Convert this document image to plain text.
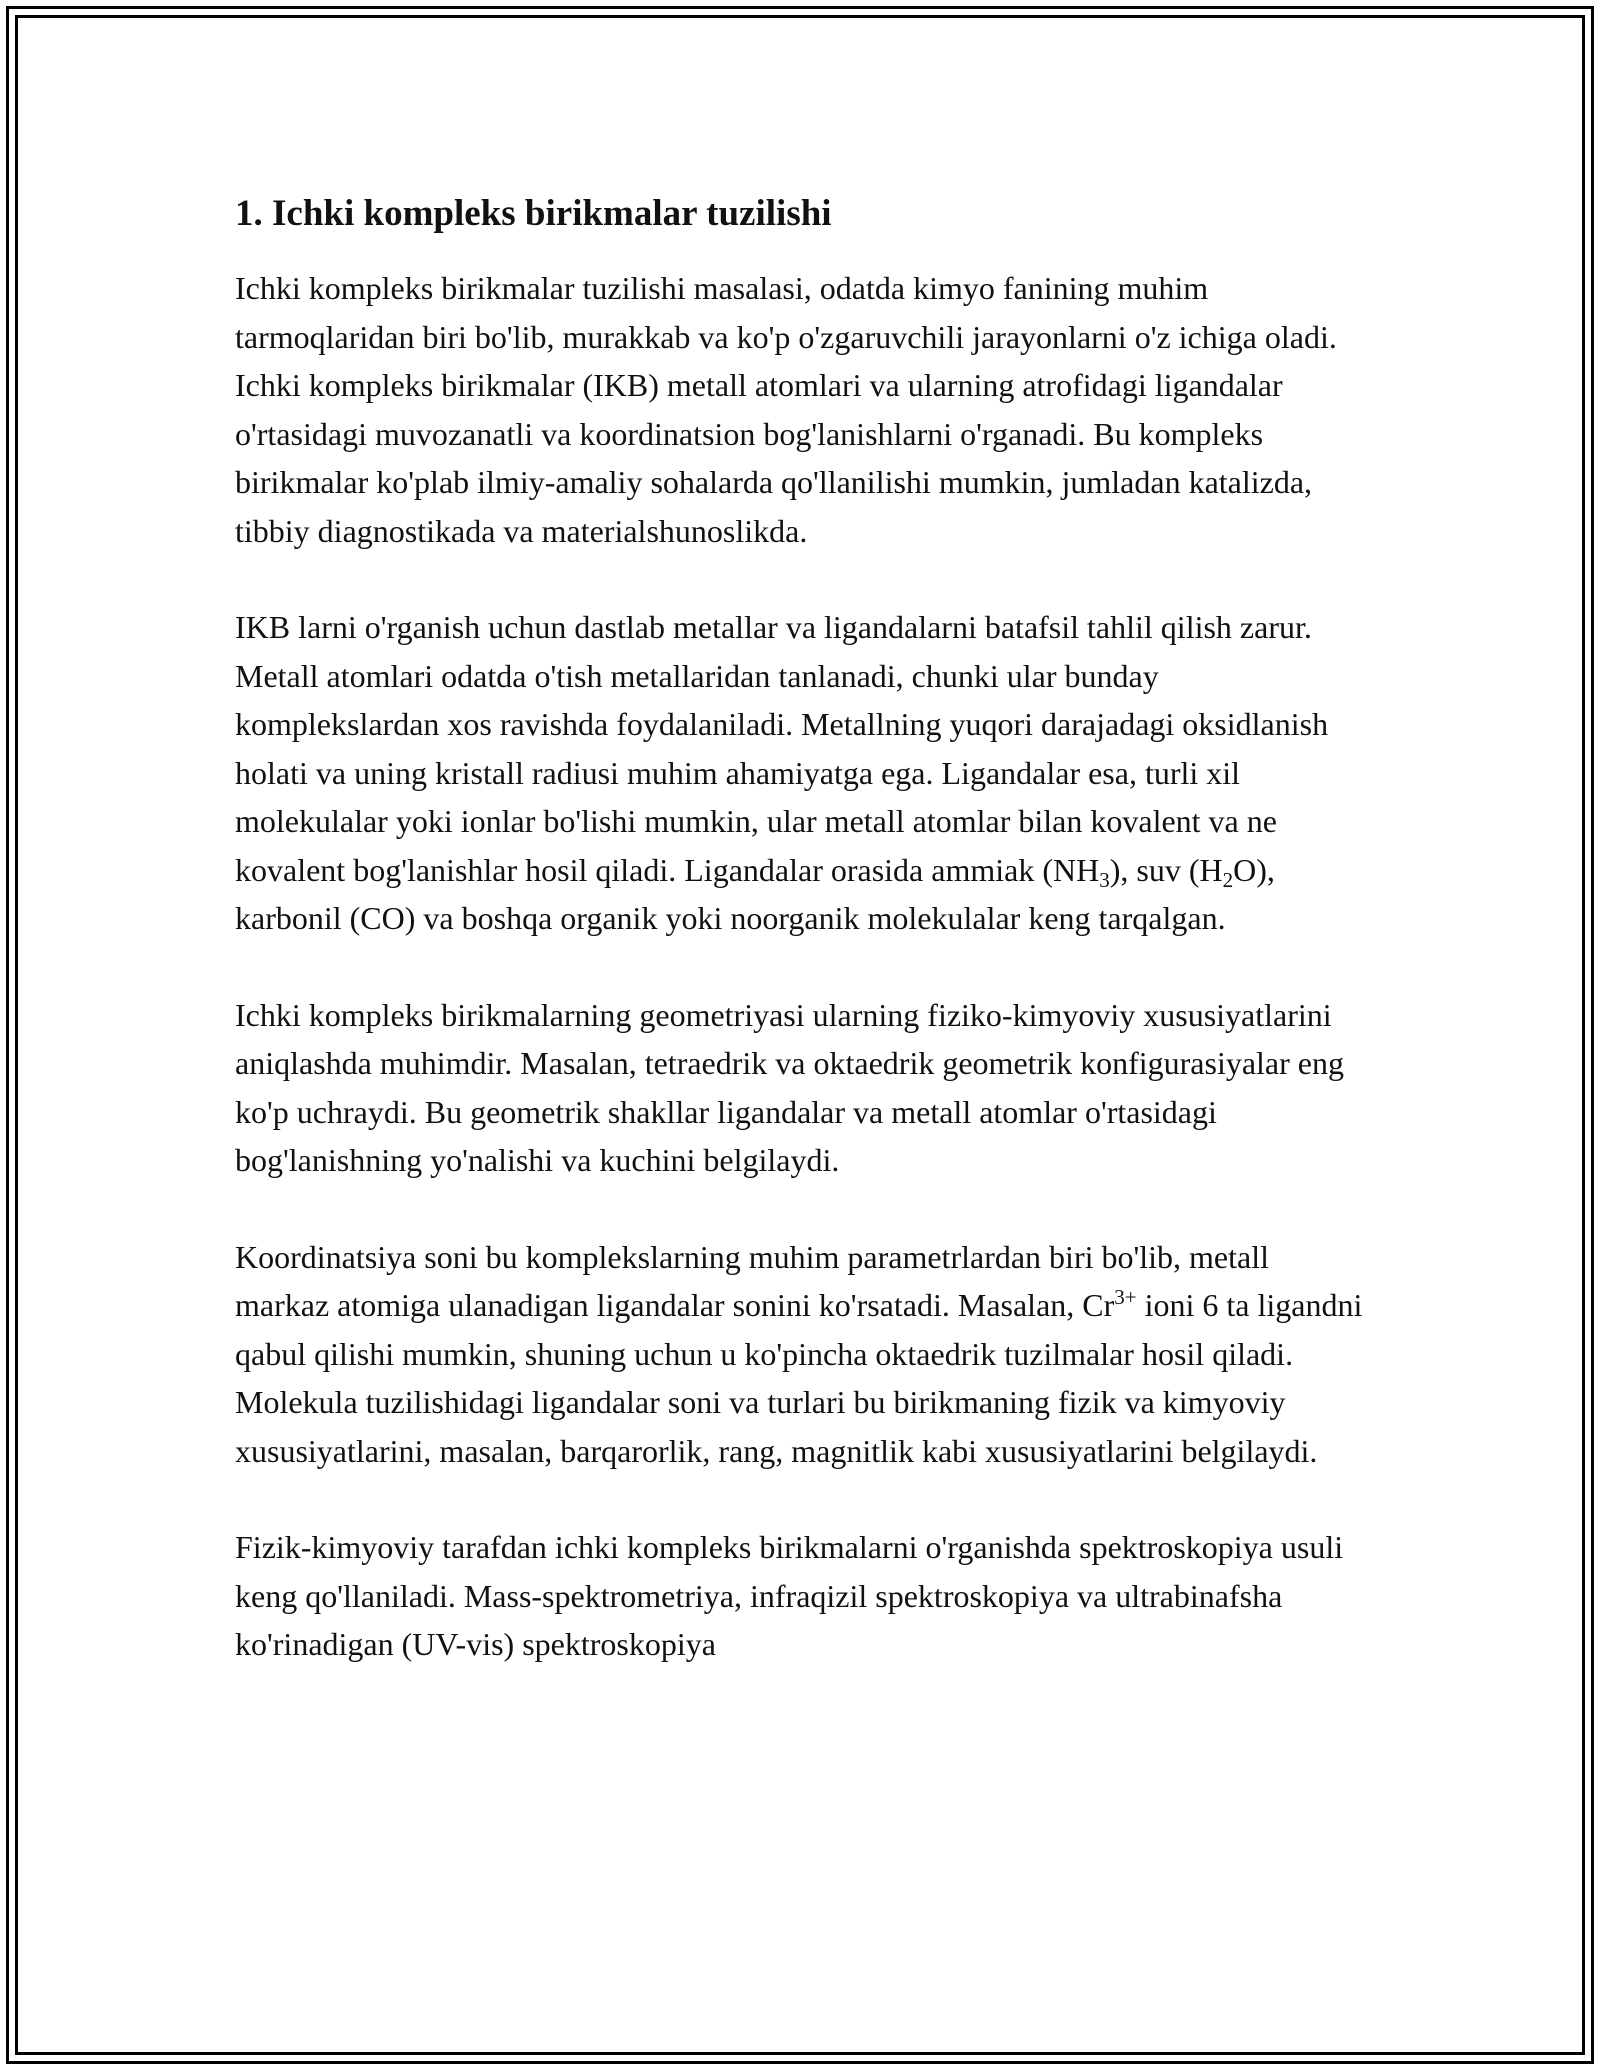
1. Ichki kompleks birikmalar tuzilishi

Ichki kompleks birikmalar tuzilishi masalasi, odatda kimyo fanining muhim tarmoqlaridan biri bo'lib, murakkab va ko'p o'zgaruvchili jarayonlarni o'z ichiga oladi. Ichki kompleks birikmalar (IKB) metall atomlari va ularning atrofidagi ligandalar o'rtasidagi muvozanatli va koordinatsion bog'lanishlarni o'rganadi. Bu kompleks birikmalar ko'plab ilmiy-amaliy sohalarda qo'llanilishi mumkin, jumladan katalizda, tibbiy diagnostikada va materialshunoslikda.

IKB larni o'rganish uchun dastlab metallar va ligandalarni batafsil tahlil qilish zarur. Metall atomlari odatda o'tish metallaridan tanlanadi, chunki ular bunday komplekslardan xos ravishda foydalaniladi. Metallning yuqori darajadagi oksidlanish holati va uning kristall radiusi muhim ahamiyatga ega. Ligandalar esa, turli xil molekulalar yoki ionlar bo'lishi mumkin, ular metall atomlar bilan kovalent va ne kovalent bog'lanishlar hosil qiladi. Ligandalar orasida ammiak $(NH_3)$, suv $(H_2O)$, karbonil (CO) va boshqa organik yoki noorganik molekulalar keng tarqalgan.

Ichki kompleks birikmalarning geometriyasi ularning fiziko-kimyoviy xususiyatlarini aniqlashda muhimdir. Masalan, tetraedrik va oktaedrik geometrik konfigurasiyalar eng ko'p uchraydi. Bu geometrik shakllar ligandalar va metall atomlar o'rtasidagi bog'lanishning yo'nalishi va kuchini belgilaydi.

Koordinatsiya soni bu komplekslarning muhim parametrlardan biri bo'lib, metall markaz atomiga ulanadigan ligandalar sonini ko'rsatadi. Masalan, $Cr^{3+}$ ioni 6 ta ligandni qabul qilishi mumkin, shuning uchun u ko'pincha oktaedrik tuzilmalar hosil qiladi. Molekula tuzilishidagi ligandalar soni va turlari bu birikmaning fizik va kimyoviy xususiyatlarini, masalan, barqarorlik, rang, magnitlik kabi xususiyatlarini belgilaydi.

Fizik-kimyoviy tarafdan ichki kompleks birikmalarni o'rganishda spektroskopiya usuli keng qo'llaniladi. Mass-spektrometriya, infraqizil spektroskopiya va ultrabinafsha ko'rinadigan (UV-vis) spektroskopiya
